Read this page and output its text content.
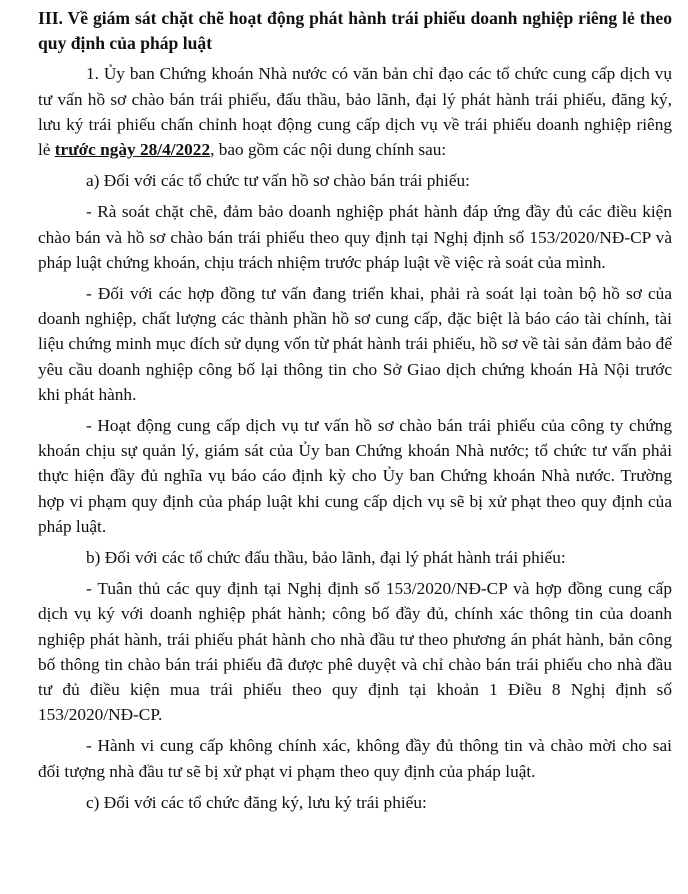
III. Về giám sát chặt chẽ hoạt động phát hành trái phiếu doanh nghiệp riêng lẻ theo quy định của pháp luật

1. Ủy ban Chứng khoán Nhà nước có văn bản chỉ đạo các tổ chức cung cấp dịch vụ tư vấn hồ sơ chào bán trái phiếu, đấu thầu, bảo lãnh, đại lý phát hành trái phiếu, đăng ký, lưu ký trái phiếu chấn chỉnh hoạt động cung cấp dịch vụ về trái phiếu doanh nghiệp riêng lẻ trước ngày 28/4/2022, bao gồm các nội dung chính sau:

a) Đối với các tổ chức tư vấn hồ sơ chào bán trái phiếu:

- Rà soát chặt chẽ, đảm bảo doanh nghiệp phát hành đáp ứng đầy đủ các điều kiện chào bán và hồ sơ chào bán trái phiếu theo quy định tại Nghị định số 153/2020/NĐ-CP và pháp luật chứng khoán, chịu trách nhiệm trước pháp luật về việc rà soát của mình.

- Đối với các hợp đồng tư vấn đang triển khai, phải rà soát lại toàn bộ hồ sơ của doanh nghiệp, chất lượng các thành phần hồ sơ cung cấp, đặc biệt là báo cáo tài chính, tài liệu chứng minh mục đích sử dụng vốn từ phát hành trái phiếu, hồ sơ về tài sản đảm bảo để yêu cầu doanh nghiệp công bố lại thông tin cho Sở Giao dịch chứng khoán Hà Nội trước khi phát hành.

- Hoạt động cung cấp dịch vụ tư vấn hồ sơ chào bán trái phiếu của công ty chứng khoán chịu sự quản lý, giám sát của Ủy ban Chứng khoán Nhà nước; tổ chức tư vấn phải thực hiện đầy đủ nghĩa vụ báo cáo định kỳ cho Ủy ban Chứng khoán Nhà nước. Trường hợp vi phạm quy định của pháp luật khi cung cấp dịch vụ sẽ bị xử phạt theo quy định của pháp luật.

b) Đối với các tổ chức đấu thầu, bảo lãnh, đại lý phát hành trái phiếu:

- Tuân thủ các quy định tại Nghị định số 153/2020/NĐ-CP và hợp đồng cung cấp dịch vụ ký với doanh nghiệp phát hành; công bố đầy đủ, chính xác thông tin của doanh nghiệp phát hành, trái phiếu phát hành cho nhà đầu tư theo phương án phát hành, bản công bố thông tin chào bán trái phiếu đã được phê duyệt và chỉ chào bán trái phiếu cho nhà đầu tư đủ điều kiện mua trái phiếu theo quy định tại khoản 1 Điều 8 Nghị định số 153/2020/NĐ-CP.

- Hành vi cung cấp không chính xác, không đầy đủ thông tin và chào mời cho sai đối tượng nhà đầu tư sẽ bị xử phạt vi phạm theo quy định của pháp luật.

c) Đối với các tổ chức đăng ký, lưu ký trái phiếu:
